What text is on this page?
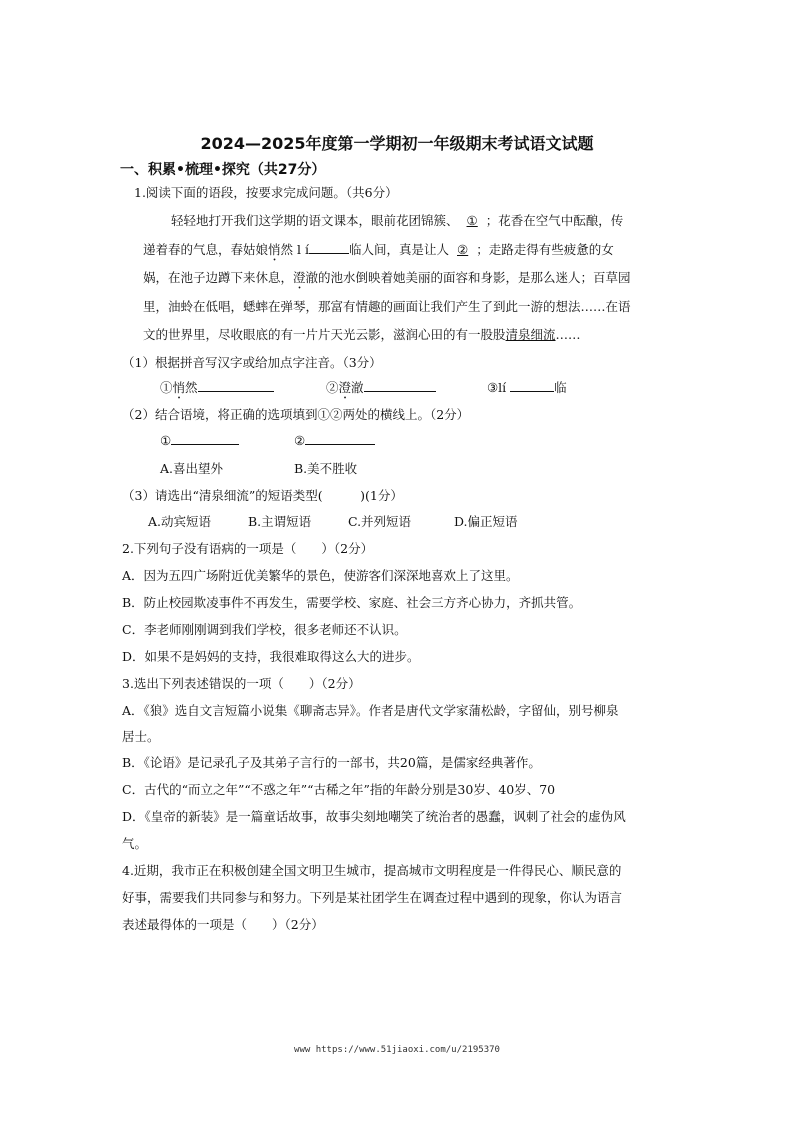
2024—2025年度第一学期初一年级期末考试语文试题
一、积累•梳理•探究（共27分）
1.阅读下面的语段，按要求完成问题。（共6分）
轻轻地打开我们这学期的语文课本，眼前花团锦簇、 ① ；花香在空气中酝酿，传
递着春的气息，春姑娘悄然 l í	临人间，真是让人 ② ；走路走得有些疲惫的女
娲，在池子边蹲下来休息，澄澈的池水倒映着她美丽的面容和身影，是那么迷人；百草园
里，油蛉在低唱，蟋蟀在弹琴，那富有情趣的画面让我们产生了到此一游的想法……在语
文的世界里，尽收眼底的有一片片天光云影，滋润心田的有一股股清泉细流……
（1）根据拼音写汉字或给加点字注音。（3分）
①悄然	②澄澈	③lí	临
（2）结合语境，将正确的选项填到①②两处的横线上。（2分）
①	②
A.喜出望外	B.美不胜收
（3）请选出“清泉细流”的短语类型(　　　)(1分）
A.动宾短语	B.主谓短语	C.并列短语	D.偏正短语
2.下列句子没有语病的一项是（　　）（2分）
A．因为五四广场附近优美繁华的景色，使游客们深深地喜欢上了这里。
B．防止校园欺凌事件不再发生，需要学校、家庭、社会三方齐心协力，齐抓共管。
C．李老师刚刚调到我们学校，很多老师还不认识。
D．如果不是妈妈的支持，我很难取得这么大的进步。
3.选出下列表述错误的一项（　　）（2分）
A．《狼》选自文言短篇小说集《聊斋志异》。作者是唐代文学家蒲松龄，字留仙，别号柳泉
居士。
B．《论语》是记录孔子及其弟子言行的一部书，共20篇，是儒家经典著作。
C．古代的“而立之年”“不惑之年”“古稀之年”指的年龄分别是30岁、40岁、70
D．《皇帝的新装》是一篇童话故事，故事尖刻地嘲笑了统治者的愚蠢，讽刺了社会的虚伪风
气。
4.近期，我市正在积极创建全国文明卫生城市，提高城市文明程度是一件得民心、顺民意的
好事，需要我们共同参与和努力。下列是某社团学生在调查过程中遇到的现象，你认为语言
表述最得体的一项是（　　）（2分）
www https://www.51jiaoxi.com/u/2195370
